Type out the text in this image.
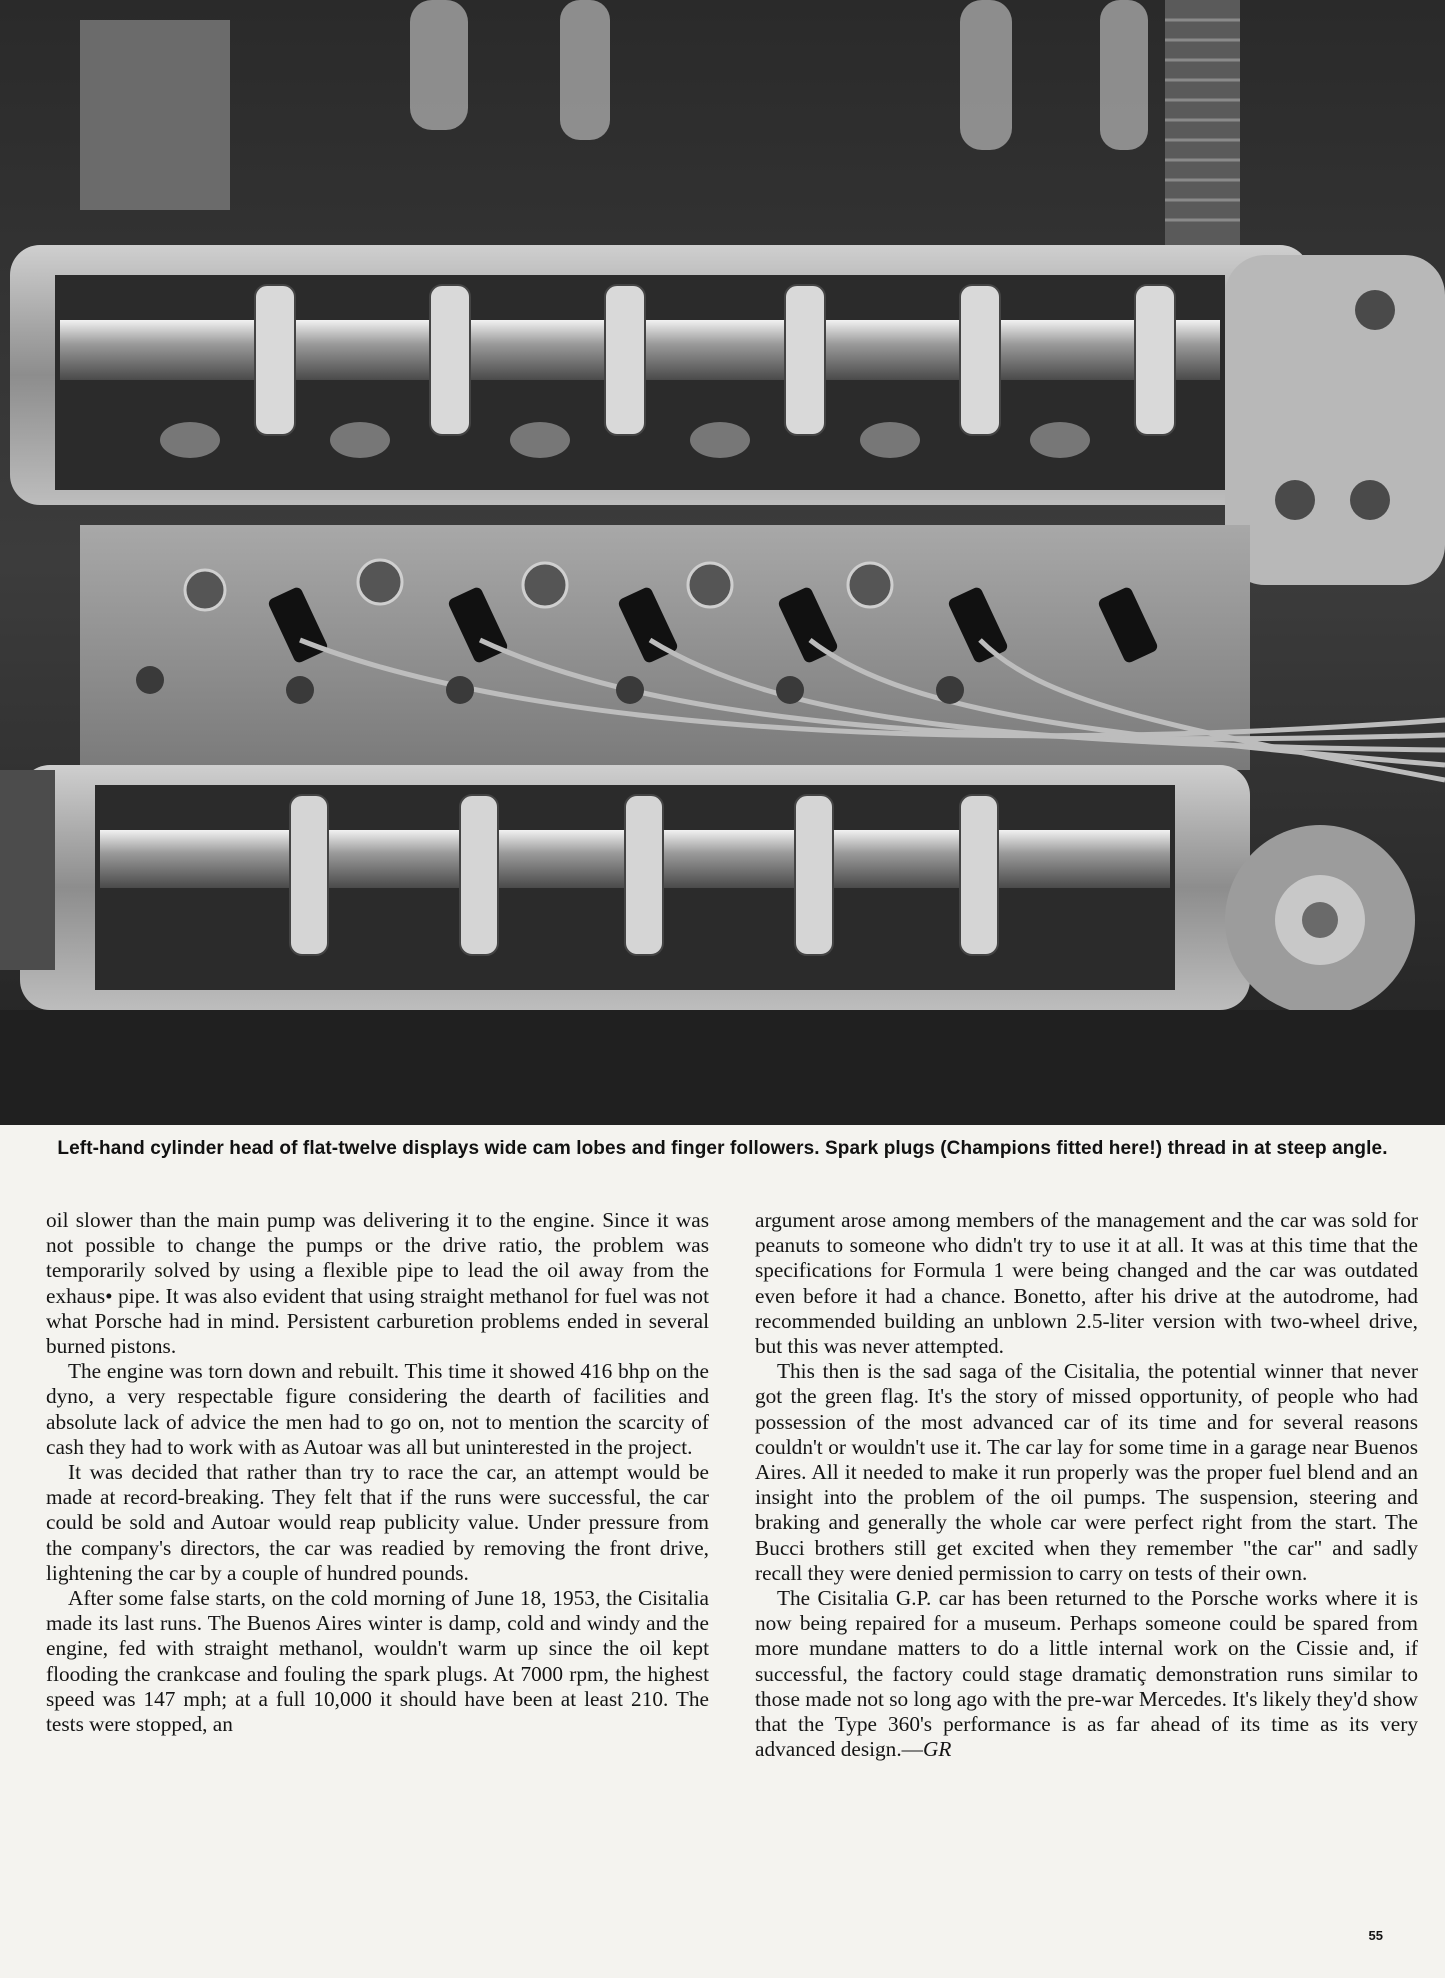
Left-hand cylinder head of flat-twelve displays wide cam lobes and finger followers. Spark plugs (Champions fitted here!) thread in at steep angle.

oil slower than the main pump was delivering it to the engine. Since it was not possible to change the pumps or the drive ratio, the problem was temporarily solved by using a flexible pipe to lead the oil away from the exhaus• pipe. It was also evident that using straight methanol for fuel was not what Porsche had in mind. Persistent carburetion problems ended in several burned pistons.

The engine was torn down and rebuilt. This time it showed 416 bhp on the dyno, a very respectable figure considering the dearth of facilities and absolute lack of advice the men had to go on, not to mention the scarcity of cash they had to work with as Autoar was all but uninterested in the project.

It was decided that rather than try to race the car, an attempt would be made at record-breaking. They felt that if the runs were successful, the car could be sold and Autoar would reap publicity value. Under pressure from the company's directors, the car was readied by removing the front drive, lightening the car by a couple of hundred pounds.

After some false starts, on the cold morning of June 18, 1953, the Cisitalia made its last runs. The Buenos Aires winter is damp, cold and windy and the engine, fed with straight methanol, wouldn't warm up since the oil kept flooding the crankcase and fouling the spark plugs. At 7000 rpm, the highest speed was 147 mph; at a full 10,000 it should have been at least 210. The tests were stopped, an

argument arose among members of the management and the car was sold for peanuts to someone who didn't try to use it at all. It was at this time that the specifications for Formula 1 were being changed and the car was outdated even before it had a chance. Bonetto, after his drive at the autodrome, had recommended building an unblown 2.5-liter version with two-wheel drive, but this was never attempted.

This then is the sad saga of the Cisitalia, the potential winner that never got the green flag. It's the story of missed opportunity, of people who had possession of the most advanced car of its time and for several reasons couldn't or wouldn't use it. The car lay for some time in a garage near Buenos Aires. All it needed to make it run properly was the proper fuel blend and an insight into the problem of the oil pumps. The suspension, steering and braking and generally the whole car were perfect right from the start. The Bucci brothers still get excited when they remember "the car" and sadly recall they were denied permission to carry on tests of their own.

The Cisitalia G.P. car has been returned to the Porsche works where it is now being repaired for a museum. Perhaps someone could be spared from more mundane matters to do a little internal work on the Cissie and, if successful, the factory could stage dramatiç demonstration runs similar to those made not so long ago with the pre-war Mercedes. It's likely they'd show that the Type 360's performance is as far ahead of its time as its very advanced design.—GR

55
